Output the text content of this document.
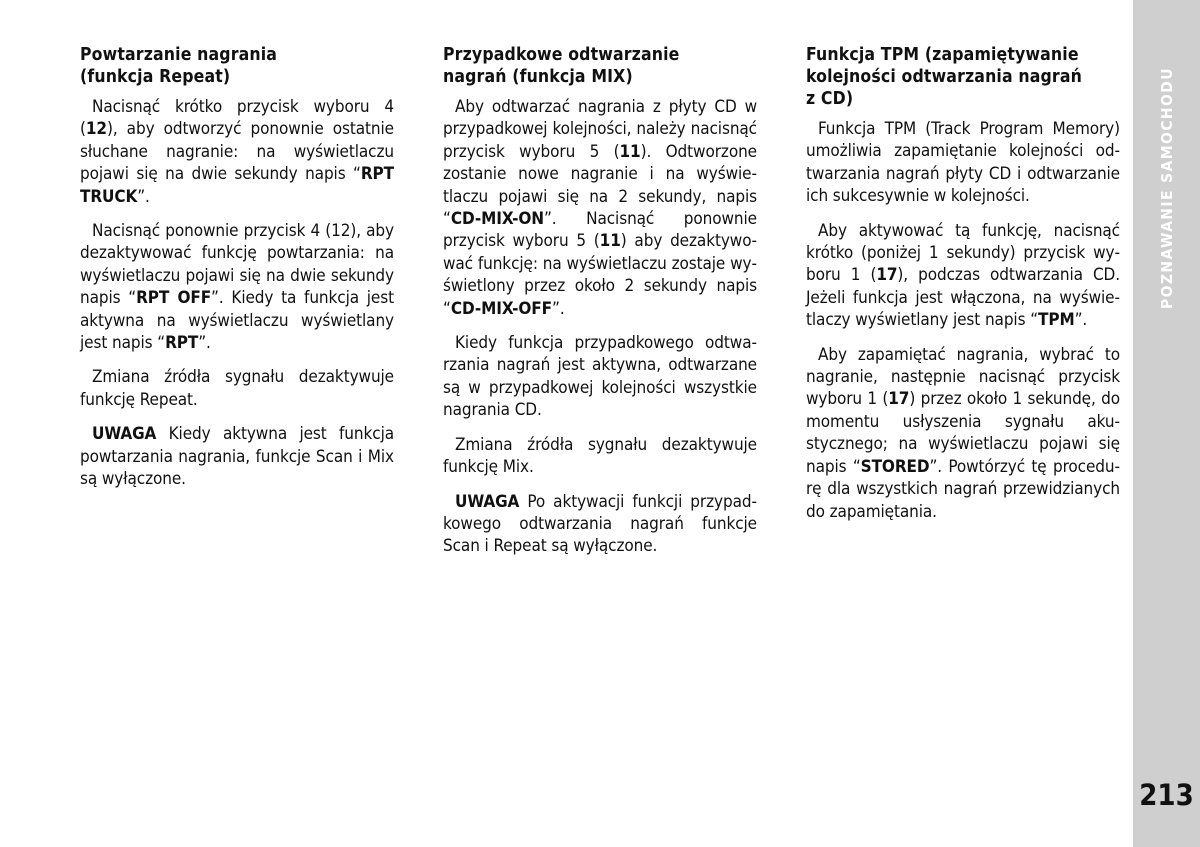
Powtarzanie nagrania
(funkcja Repeat)

Nacisnąć krótko przycisk wyboru 4 (12), aby odtworzyć ponownie ostatnie słuchane nagranie: na wyświetlaczu pojawi się na dwie sekundy napis “RPT TRUCK”.

Nacisnąć ponownie przycisk 4 (12), aby dezaktywować funkcję powtarzania: na wyświetlaczu pojawi się na dwie sekundy napis “RPT OFF”. Kiedy ta funkcja jest aktywna na wyświetlaczu wyświetlany jest napis “RPT”.

Zmiana źródła sygnału dezaktywuje funkcję Repeat.

UWAGA Kiedy aktywna jest funkcja powtarzania nagrania, funkcje Scan i Mix są wyłączone.

Przypadkowe odtwarzanie
nagrań (funkcja MIX)

Aby odtwarzać nagrania z płyty CD w przypadkowej kolejności, należy nacisnąć przycisk wyboru 5 (11). Odtworzone zostanie nowe nagranie i na wyświetlaczu pojawi się na 2 sekundy, napis “CD-MIX-ON”. Nacisnąć ponownie przycisk wyboru 5 (11) aby dezaktywować funkcję: na wyświetlaczu zostaje wyświetlony przez około 2 sekundy napis “CD-MIX-OFF”.

Kiedy funkcja przypadkowego odtwarzania nagrań jest aktywna, odtwarzane są w przypadkowej kolejności wszystkie nagrania CD.

Zmiana źródła sygnału dezaktywuje funkcję Mix.

UWAGA Po aktywacji funkcji przypadkowego odtwarzania nagrań funkcje Scan i Repeat są wyłączone.

Funkcja TPM (zapamiętywanie
kolejności odtwarzania nagrań
z CD)

Funkcja TPM (Track Program Memory) umożliwia zapamiętanie kolejności odtwarzania nagrań płyty CD i odtwarzanie ich sukcesywnie w kolejności.

Aby aktywować tą funkcję, nacisnąć krótko (poniżej 1 sekundy) przycisk wyboru 1 (17), podczas odtwarzania CD. Jeżeli funkcja jest włączona, na wyświetlaczy wyświetlany jest napis “TPM”.

Aby zapamiętać nagrania, wybrać to nagranie, następnie nacisnąć przycisk wyboru 1 (17) przez około 1 sekundę, do momentu usłyszenia sygnału akustycznego; na wyświetlaczu pojawi się napis “STORED”. Powtórzyć tę procedurę dla wszystkich nagrań przewidzianych do zapamiętania.

POZNAWANIE SAMOCHODU
213
